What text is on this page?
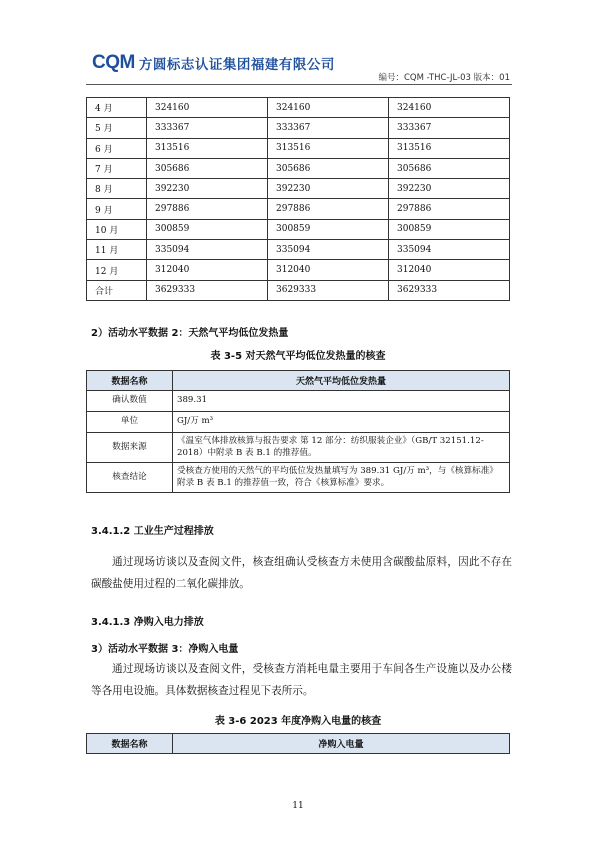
CQ M 方圆标志认证集团福建有限公司
编号：CQM -THC-JL-03 版本：01
4 月	324160	324160	324160
5 月	333367	333367	333367
6 月	313516	313516	313516
7 月	305686	305686	305686
8 月	392230	392230	392230
9 月	297886	297886	297886
10 月	300859	300859	300859
11 月	335094	335094	335094
12 月	312040	312040	312040
合计	3629333	3629333	3629333
2）活动水平数据 2：天然气平均低位发热量
表 3-5 对天然气平均低位发热量的核查
数据名称	天然气平均低位发热量
确认数值	389.31
单位	GJ/万 m³
数据来源	《温室气体排放核算与报告要求 第 12 部分：纺织服装企业》（GB/T 32151.12-2018）中附录 B 表 B.1 的推荐值。
核查结论	受核查方使用的天然气的平均低位发热量填写为 389.31 GJ/万 m³，与《核算标准》附录 B 表 B.1 的推荐值一致，符合《核算标准》要求。
3.4.1.2 工业生产过程排放
通过现场访谈以及查阅文件，核查组确认受核查方未使用含碳酸盐原料，因此不存在碳酸盐使用过程的二氧化碳排放。
3.4.1.3 净购入电力排放
3）活动水平数据 3：净购入电量
通过现场访谈以及查阅文件，受核查方消耗电量主要用于车间各生产设施以及办公楼等各用电设施。具体数据核查过程见下表所示。
表 3-6 2023 年度净购入电量的核查
数据名称	净购入电量
11
